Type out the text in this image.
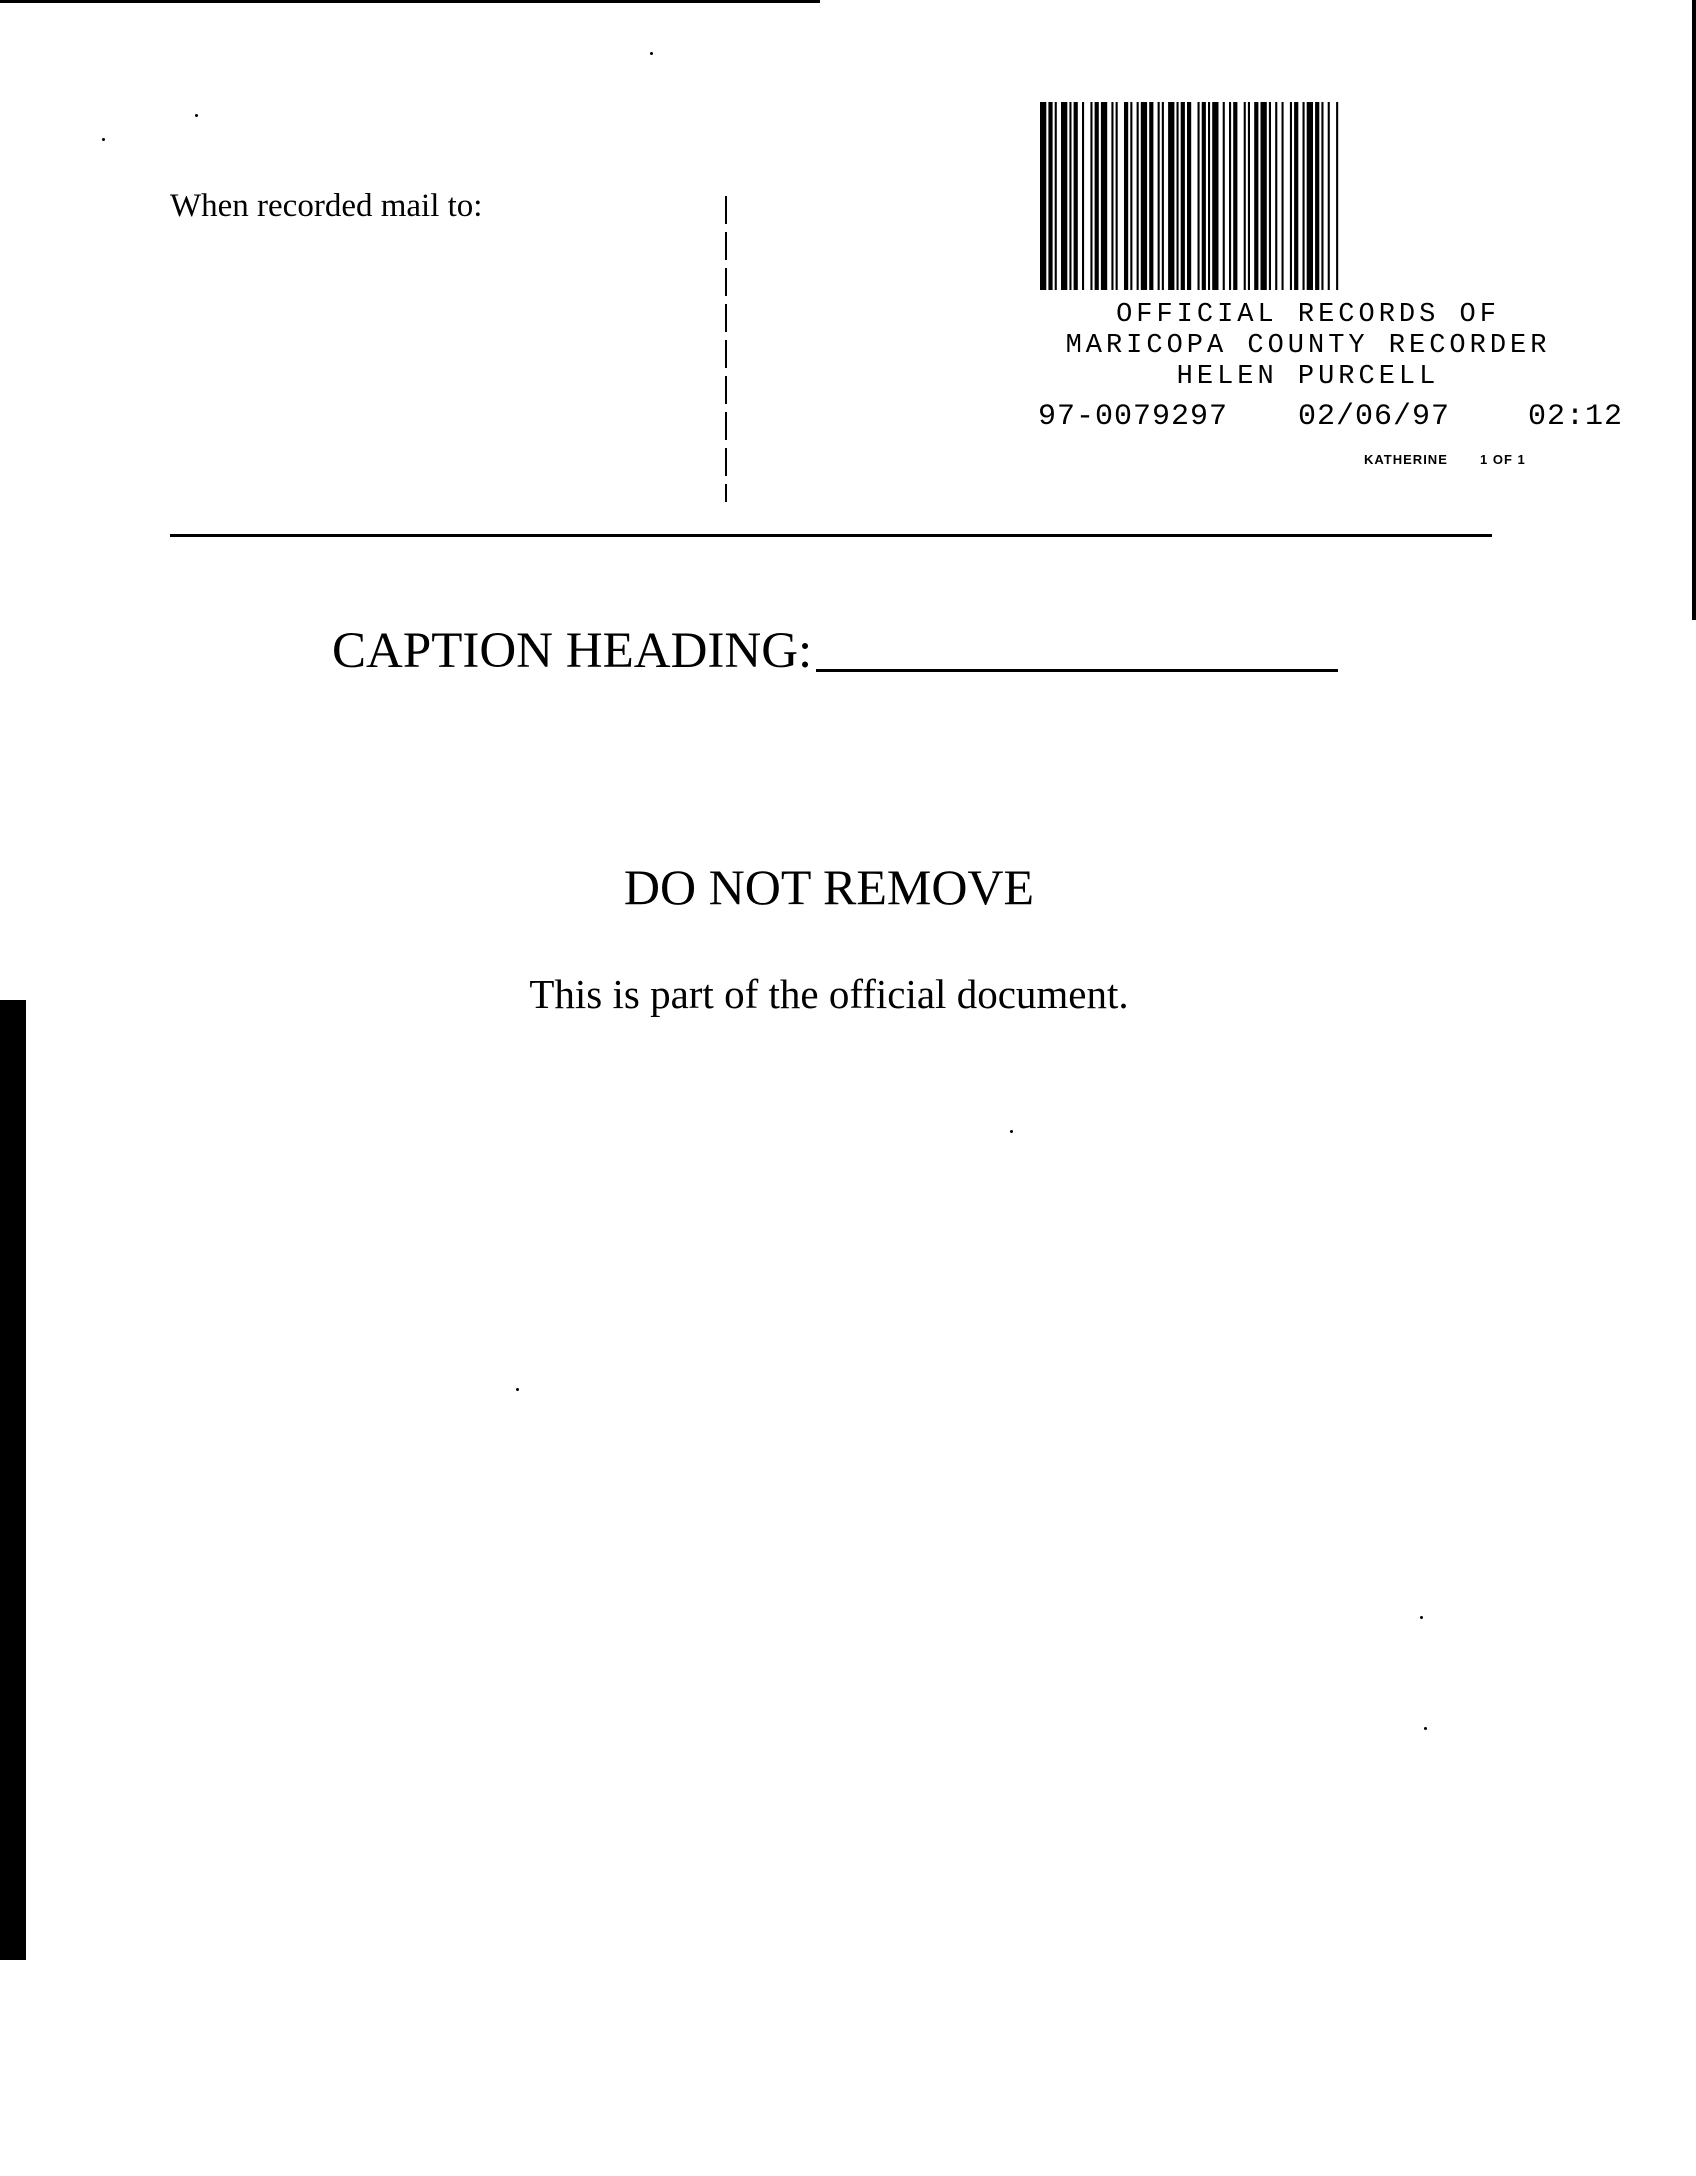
When recorded mail to:

OFFICIAL RECORDS OF
MARICOPA COUNTY RECORDER
HELEN PURCELL
97-0079297 02/06/97	02:12
KATHERINE 1 OF 1

CAPTION HEADING:

DO NOT REMOVE

This is part of the official document.
